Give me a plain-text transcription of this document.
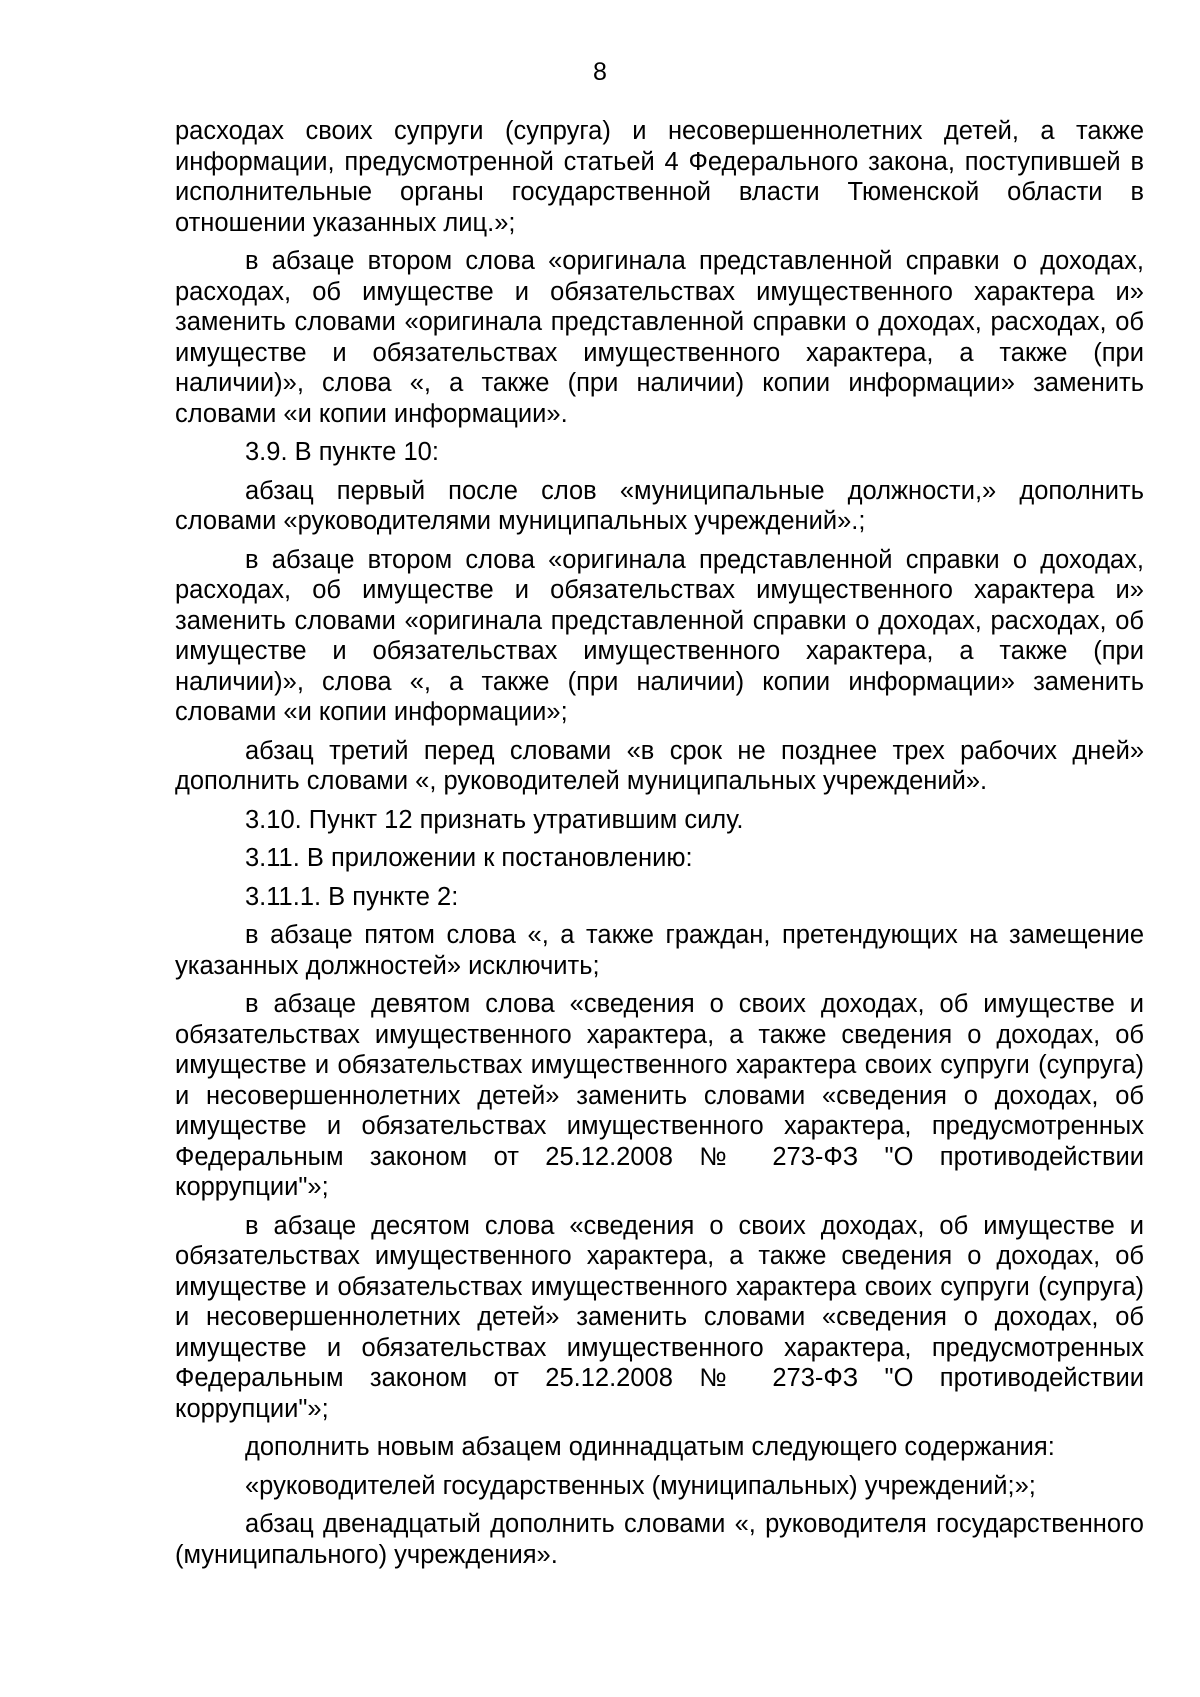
8

расходах своих супруги (супруга) и несовершеннолетних детей, а также информации, предусмотренной статьей 4 Федерального закона, поступившей в исполнительные органы государственной власти Тюменской области в отношении указанных лиц.»;

в абзаце втором слова «оригинала представленной справки о доходах, расходах, об имуществе и обязательствах имущественного характера и» заменить словами «оригинала представленной справки о доходах, расходах, об имуществе и обязательствах имущественного характера, а также (при наличии)», слова «, а также (при наличии) копии информации» заменить словами «и копии информации».

3.9. В пункте 10:

абзац первый после слов «муниципальные должности,» дополнить словами «руководителями муниципальных учреждений».;

в абзаце втором слова «оригинала представленной справки о доходах, расходах, об имуществе и обязательствах имущественного характера и» заменить словами «оригинала представленной справки о доходах, расходах, об имуществе и обязательствах имущественного характера, а также (при наличии)», слова «, а также (при наличии) копии информации» заменить словами «и копии информации»;

абзац третий перед словами «в срок не позднее трех рабочих дней» дополнить словами «, руководителей муниципальных учреждений».

3.10. Пункт 12 признать утратившим силу.

3.11. В приложении к постановлению:

3.11.1. В пункте 2:

в абзаце пятом слова «, а также граждан, претендующих на замещение указанных должностей» исключить;

в абзаце девятом слова «сведения о своих доходах, об имуществе и обязательствах имущественного характера, а также сведения о доходах, об имуществе и обязательствах имущественного характера своих супруги (супруга) и несовершеннолетних детей» заменить словами «сведения о доходах, об имуществе и обязательствах имущественного характера, предусмотренных Федеральным законом от 25.12.2008 № 273-ФЗ "О противодействии коррупции"»;

в абзаце десятом слова «сведения о своих доходах, об имуществе и обязательствах имущественного характера, а также сведения о доходах, об имуществе и обязательствах имущественного характера своих супруги (супруга) и несовершеннолетних детей» заменить словами «сведения о доходах, об имуществе и обязательствах имущественного характера, предусмотренных Федеральным законом от 25.12.2008 № 273-ФЗ "О противодействии коррупции"»;

дополнить новым абзацем одиннадцатым следующего содержания:

«руководителей государственных (муниципальных) учреждений;»;

абзац двенадцатый дополнить словами «, руководителя государственного (муниципального) учреждения».
